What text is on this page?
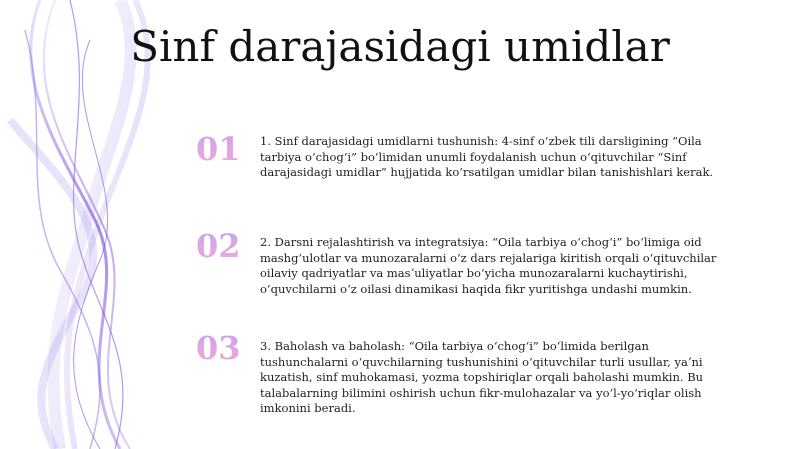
Sinf darajasidagi umidlar
01	1. Sinf darajasidagi umidlarni tushunish: 4-sinf oʻzbek tili darsligining “Oila tarbiya oʻchogʻi” boʻlimidan unumli foydalanish uchun oʻqituvchilar “Sinf darajasidagi umidlar” hujjatida koʻrsatilgan umidlar bilan tanishishlari kerak.
02	2. Darsni rejalashtirish va integratsiya: “Oila tarbiya oʻchogʻi” boʻlimiga oid mashgʻulotlar va munozaralarni oʻz dars rejalariga kiritish orqali oʻqituvchilar oilaviy qadriyatlar va masʼuliyatlar boʻyicha munozaralarni kuchaytirishi, oʻquvchilarni oʻz oilasi dinamikasi haqida fikr yuritishga undashi mumkin.
03	3. Baholash va baholash: “Oila tarbiya oʻchogʻi” boʻlimida berilgan tushunchalarni oʻquvchilarning tushunishini oʻqituvchilar turli usullar, yaʼni kuzatish, sinf muhokamasi, yozma topshiriqlar orqali baholashi mumkin. Bu talabalarning bilimini oshirish uchun fikr-mulohazalar va yoʻl-yoʻriqlar olish imkonini beradi.
